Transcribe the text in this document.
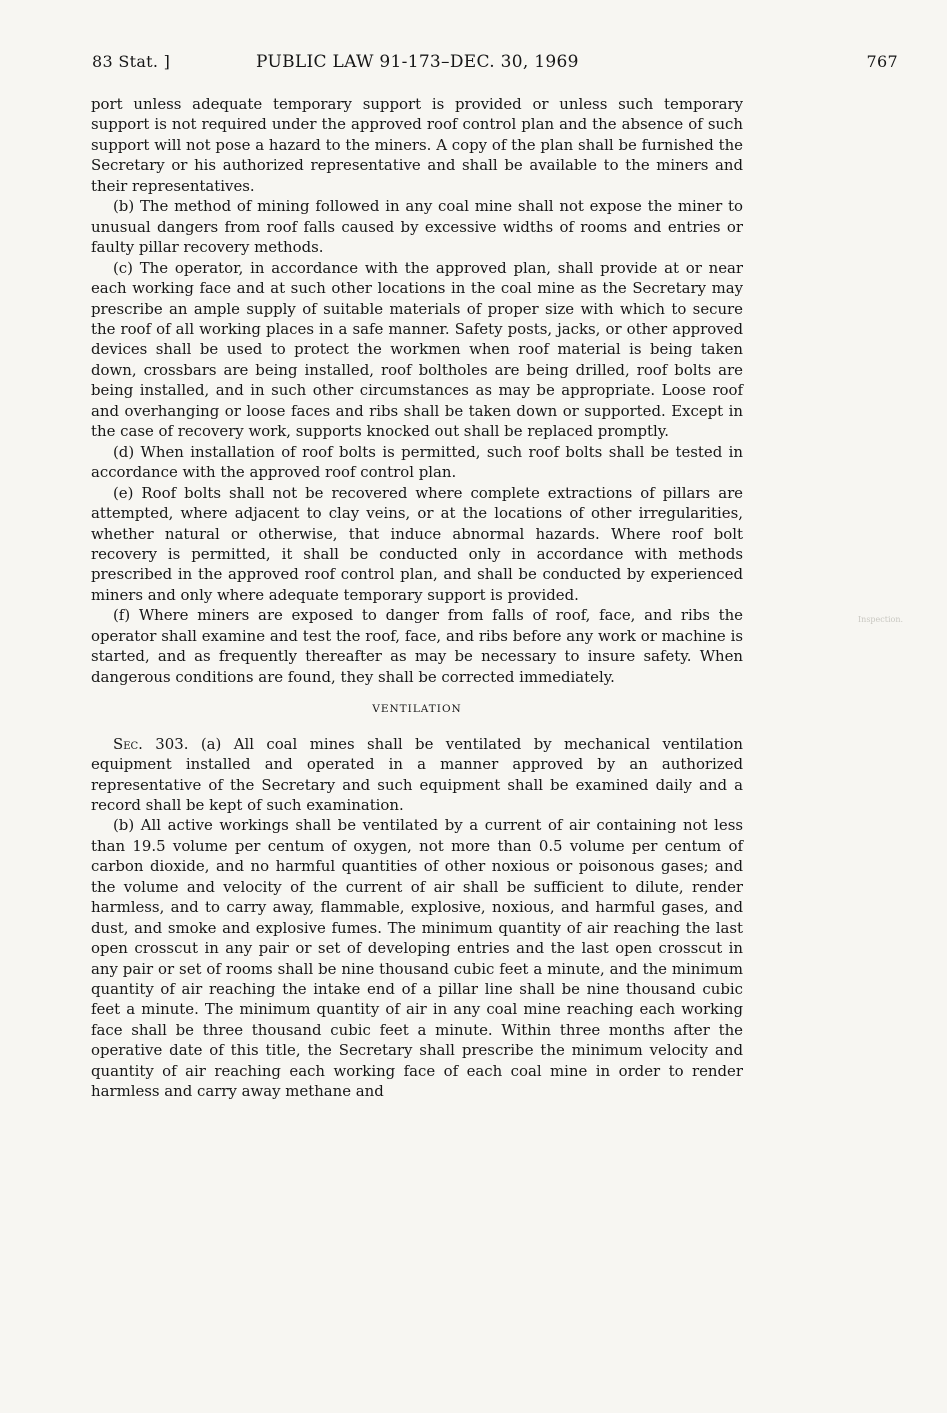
83 Stat. ]	PUBLIC LAW 91-173–DEC. 30, 1969	767
Inspection.

port unless adequate temporary support is provided or unless such temporary support is not required under the approved roof control plan and the absence of such support will not pose a hazard to the miners. A copy of the plan shall be furnished the Secretary or his authorized representative and shall be available to the miners and their representatives.

(b) The method of mining followed in any coal mine shall not expose the miner to unusual dangers from roof falls caused by excessive widths of rooms and entries or faulty pillar recovery methods.

(c) The operator, in accordance with the approved plan, shall provide at or near each working face and at such other locations in the coal mine as the Secretary may prescribe an ample supply of suitable materials of proper size with which to secure the roof of all working places in a safe manner. Safety posts, jacks, or other approved devices shall be used to protect the workmen when roof material is being taken down, crossbars are being installed, roof boltholes are being drilled, roof bolts are being installed, and in such other circumstances as may be appropriate. Loose roof and overhanging or loose faces and ribs shall be taken down or supported. Except in the case of recovery work, supports knocked out shall be replaced promptly.

(d) When installation of roof bolts is permitted, such roof bolts shall be tested in accordance with the approved roof control plan.

(e) Roof bolts shall not be recovered where complete extractions of pillars are attempted, where adjacent to clay veins, or at the locations of other irregularities, whether natural or otherwise, that induce abnormal hazards. Where roof bolt recovery is permitted, it shall be conducted only in accordance with methods prescribed in the approved roof control plan, and shall be conducted by experienced miners and only where adequate temporary support is provided.

(f) Where miners are exposed to danger from falls of roof, face, and ribs the operator shall examine and test the roof, face, and ribs before any work or machine is started, and as frequently thereafter as may be necessary to insure safety. When dangerous conditions are found, they shall be corrected immediately.

VENTILATION

Sec. 303. (a) All coal mines shall be ventilated by mechanical ventilation equipment installed and operated in a manner approved by an authorized representative of the Secretary and such equipment shall be examined daily and a record shall be kept of such examination.

(b) All active workings shall be ventilated by a current of air containing not less than 19.5 volume per centum of oxygen, not more than 0.5 volume per centum of carbon dioxide, and no harmful quantities of other noxious or poisonous gases; and the volume and velocity of the current of air shall be sufficient to dilute, render harmless, and to carry away, flammable, explosive, noxious, and harmful gases, and dust, and smoke and explosive fumes. The minimum quantity of air reaching the last open crosscut in any pair or set of developing entries and the last open crosscut in any pair or set of rooms shall be nine thousand cubic feet a minute, and the minimum quantity of air reaching the intake end of a pillar line shall be nine thousand cubic feet a minute. The minimum quantity of air in any coal mine reaching each working face shall be three thousand cubic feet a minute. Within three months after the operative date of this title, the Secretary shall prescribe the minimum velocity and quantity of air reaching each working face of each coal mine in order to render harmless and carry away methane and
